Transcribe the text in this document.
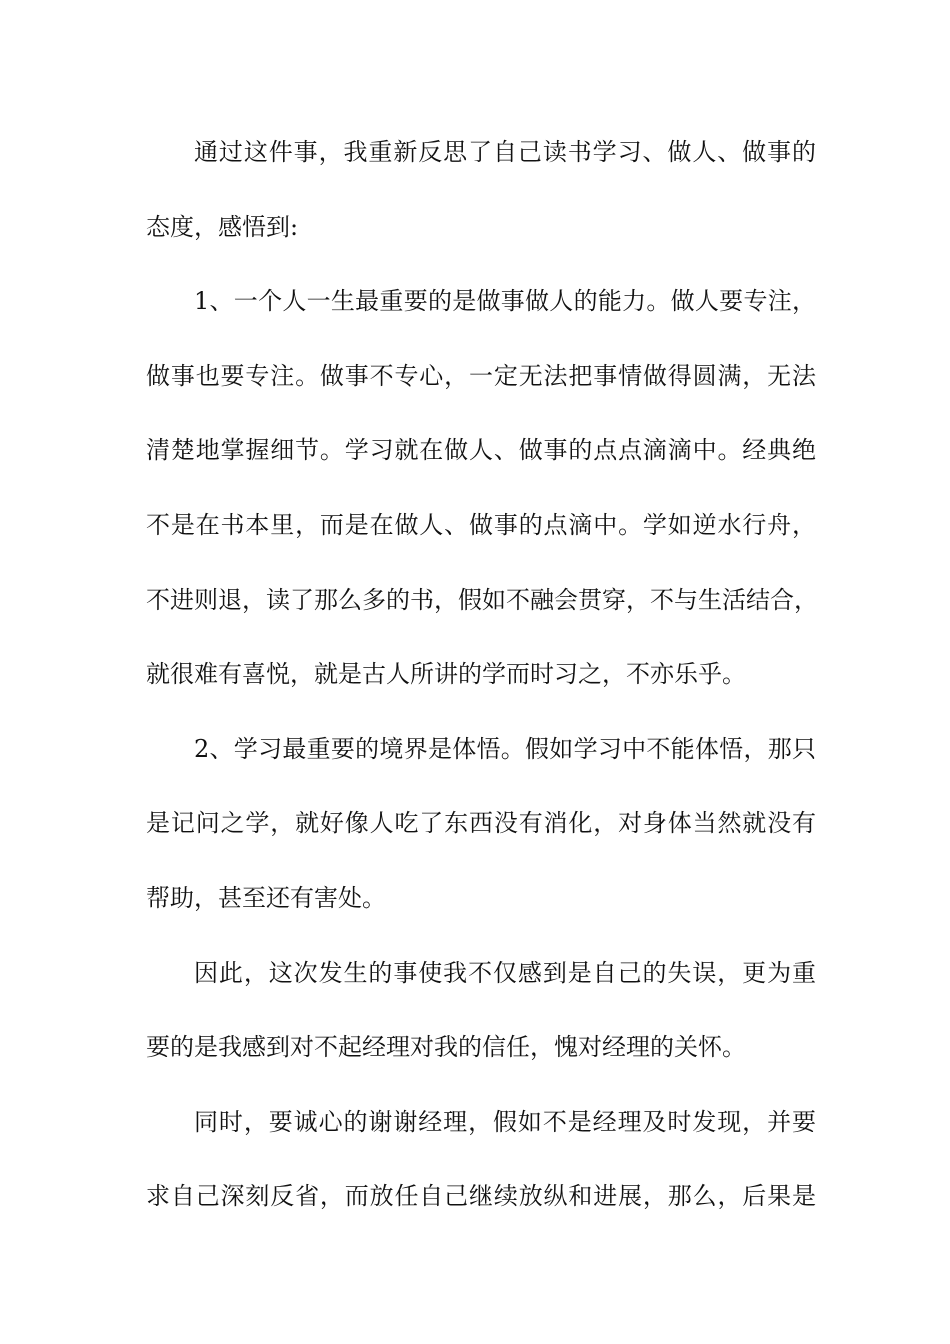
通过这件事，我重新反思了自己读书学习、做人、做事的
态度，感悟到:
1、一个人一生最重要的是做事做人的能力。做人要专注，
做事也要专注。做事不专心，一定无法把事情做得圆满，无法
清楚地掌握细节。学习就在做人、做事的点点滴滴中。经典绝
不是在书本里，而是在做人、做事的点滴中。学如逆水行舟，
不进则退，读了那么多的书，假如不融会贯穿，不与生活结合，
就很难有喜悦，就是古人所讲的学而时习之，不亦乐乎。
2、学习最重要的境界是体悟。假如学习中不能体悟，那只
是记问之学，就好像人吃了东西没有消化，对身体当然就没有
帮助，甚至还有害处。
因此，这次发生的事使我不仅感到是自己的失误，更为重
要的是我感到对不起经理对我的信任，愧对经理的关怀。
同时，要诚心的谢谢经理，假如不是经理及时发现，并要
求自己深刻反省，而放任自己继续放纵和进展，那么，后果是
